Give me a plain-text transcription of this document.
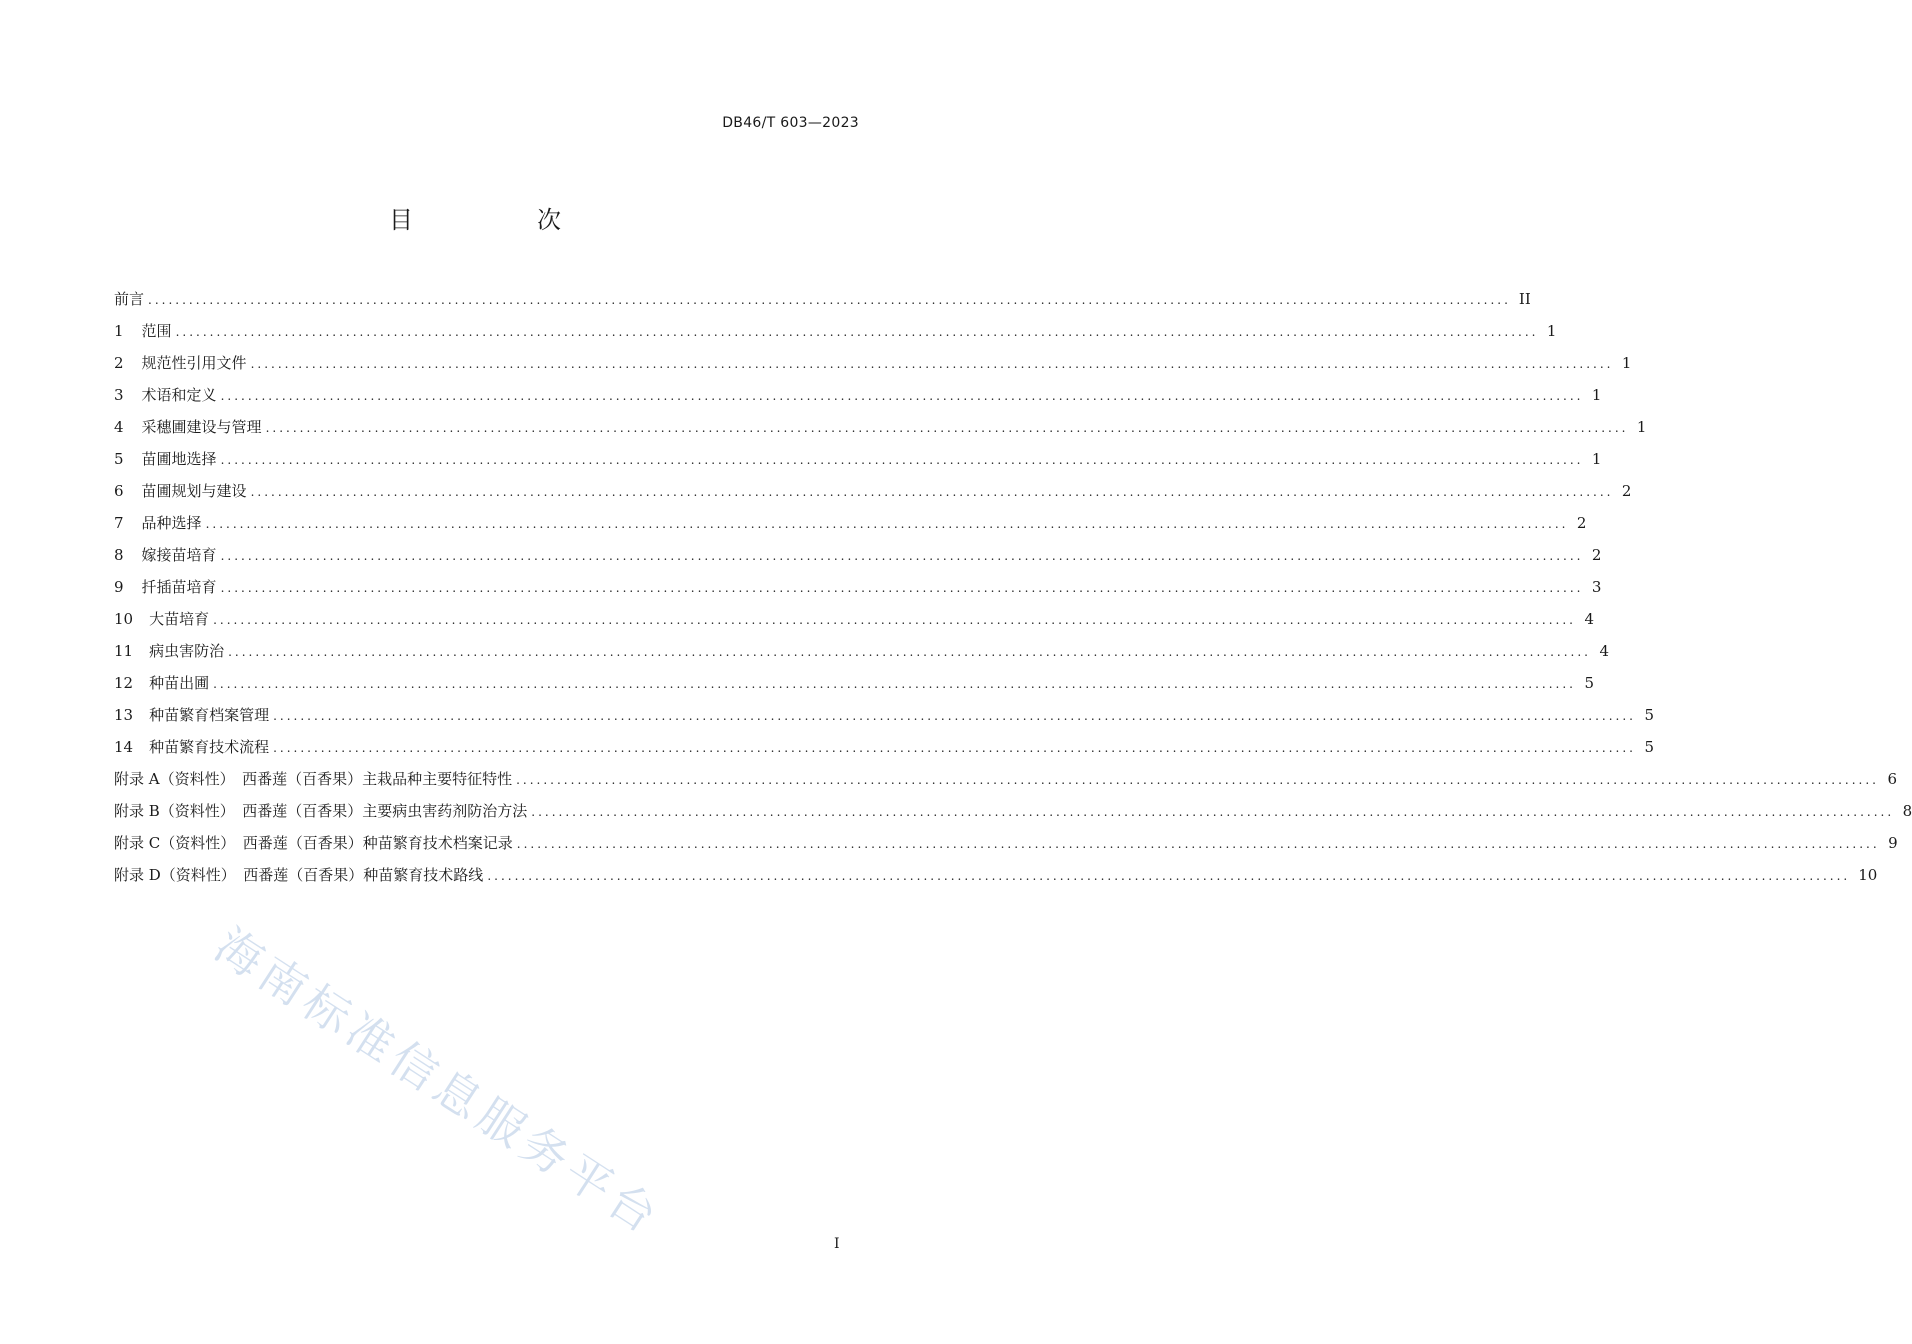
DB46/T 603—2023
目　次
前言 ........................................................................................................................................................................................................ II
1 范围 ........................................................................................................................................................................................................ 1
2 规范性引用文件 ........................................................................................................................................................................................................ 1
3 术语和定义 ........................................................................................................................................................................................................ 1
4 采穗圃建设与管理 ........................................................................................................................................................................................................ 1
5 苗圃地选择 ........................................................................................................................................................................................................ 1
6 苗圃规划与建设 ........................................................................................................................................................................................................ 2
7 品种选择 ........................................................................................................................................................................................................ 2
8 嫁接苗培育 ........................................................................................................................................................................................................ 2
9 扦插苗培育 ........................................................................................................................................................................................................ 3
10 大苗培育 ........................................................................................................................................................................................................ 4
11 病虫害防治 ........................................................................................................................................................................................................ 4
12 种苗出圃 ........................................................................................................................................................................................................ 5
13 种苗繁育档案管理 ........................................................................................................................................................................................................ 5
14 种苗繁育技术流程 ........................................................................................................................................................................................................ 5
附录 A（资料性）　西番莲（百香果）主栽品种主要特征特性 ........................................................................................................................................................................................................ 6
附录 B（资料性）　西番莲（百香果）主要病虫害药剂防治方法 ........................................................................................................................................................................................................ 8
附录 C（资料性）　西番莲（百香果）种苗繁育技术档案记录 ........................................................................................................................................................................................................ 9
附录 D（资料性）　西番莲（百香果）种苗繁育技术路线 ........................................................................................................................................................................................................ 10
海南标准信息服务平台	I
